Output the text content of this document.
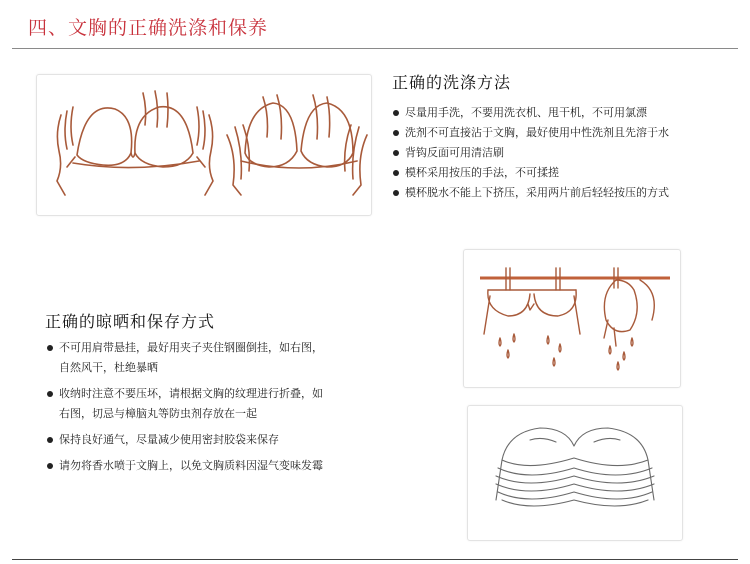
四、文胸的正确洗涤和保养
正确的洗涤方法
尽量用手洗，不要用洗衣机、甩干机，不可用氯漂
洗剂不可直接沾于文胸，最好使用中性洗剂且先溶于水
背钩反面可用清洁刷
模杯采用按压的手法，不可揉搓
模杯脱水不能上下挤压，采用两片前后轻轻按压的方式
正确的晾晒和保存方式
不可用肩带悬挂，最好用夹子夹住钢圈倒挂，如右图，
自然风干，杜绝暴晒
收纳时注意不要压坏，请根据文胸的纹理进行折叠，如
右图，切忌与樟脑丸等防虫剂存放在一起
保持良好通气，尽量减少使用密封胶袋来保存
请勿将香水喷于文胸上，以免文胸质料因湿气变味发霉
